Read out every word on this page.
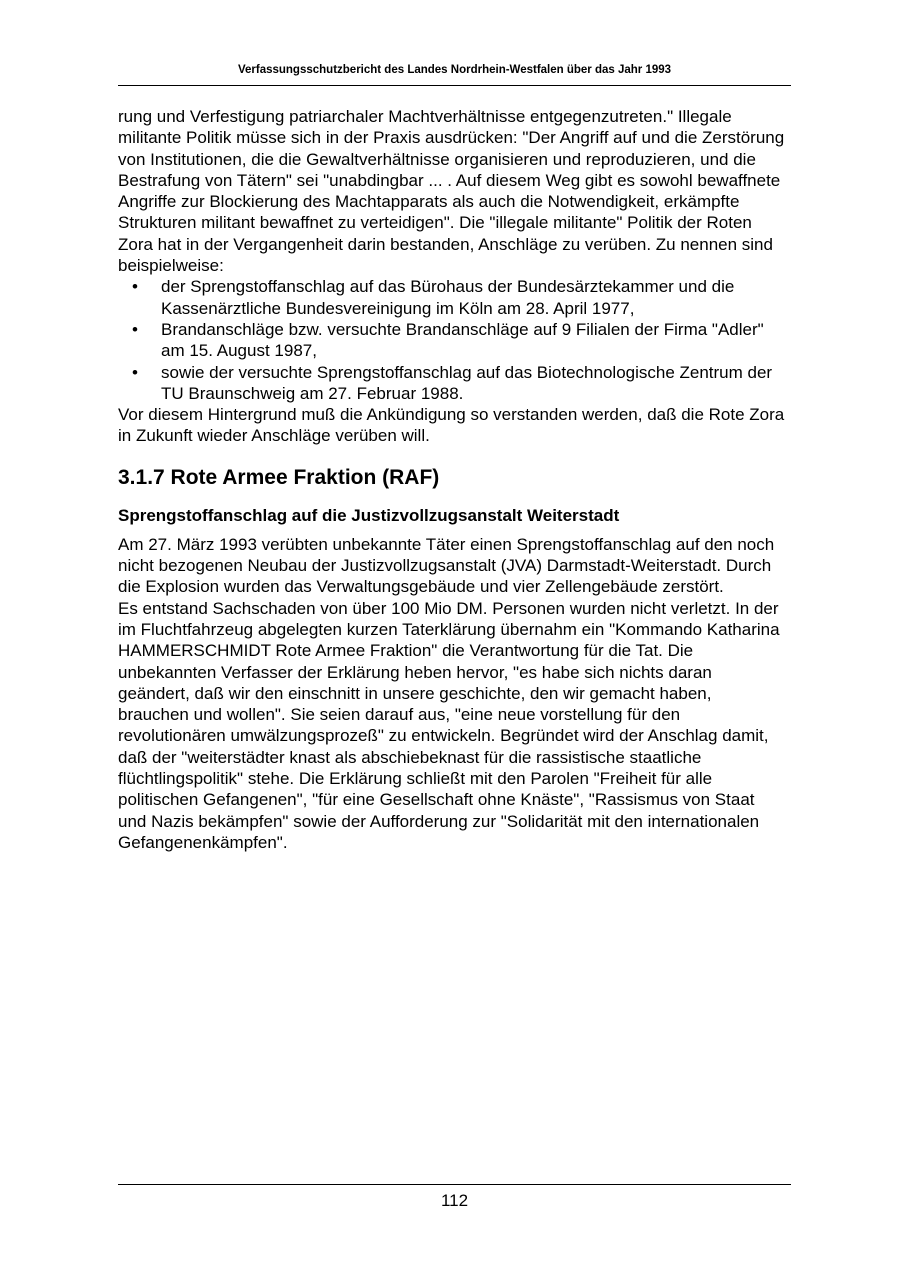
Verfassungsschutzbericht des Landes Nordrhein-Westfalen über das Jahr 1993

rung und Verfestigung patriarchaler Machtverhältnisse entgegenzutreten." Illegale militante Politik müsse sich in der Praxis ausdrücken: "Der Angriff auf und die Zerstörung von Institutionen, die die Gewaltverhältnisse organisieren und reproduzieren, und die Bestrafung von Tätern" sei "unabdingbar ... . Auf diesem Weg gibt es sowohl bewaffnete Angriffe zur Blockierung des Machtapparats als auch die Notwendigkeit, erkämpfte Strukturen militant bewaffnet zu verteidigen". Die "illegale militante" Politik der Roten Zora hat in der Vergangenheit darin bestanden, Anschläge zu verüben. Zu nennen sind beispielweise:

• der Sprengstoffanschlag auf das Bürohaus der Bundesärztekammer und die Kassenärztliche Bundesvereinigung im Köln am 28. April 1977,
• Brandanschläge bzw. versuchte Brandanschläge auf 9 Filialen der Firma "Adler" am 15. August 1987,
• sowie der versuchte Sprengstoffanschlag auf das Biotechnologische Zentrum der TU Braunschweig am 27. Februar 1988.

Vor diesem Hintergrund muß die Ankündigung so verstanden werden, daß die Rote Zora in Zukunft wieder Anschläge verüben will.

3.1.7 Rote Armee Fraktion (RAF)
Sprengstoffanschlag auf die Justizvollzugsanstalt Weiterstadt

Am 27. März 1993 verübten unbekannte Täter einen Sprengstoffanschlag auf den noch nicht bezogenen Neubau der Justizvollzugsanstalt (JVA) Darmstadt-Weiterstadt. Durch die Explosion wurden das Verwaltungsgebäude und vier Zellengebäude zerstört.

Es entstand Sachschaden von über 100 Mio DM. Personen wurden nicht verletzt. In der im Fluchtfahrzeug abgelegten kurzen Taterklärung übernahm ein "Kommando Katharina HAMMERSCHMIDT Rote Armee Fraktion" die Verantwortung für die Tat. Die unbekannten Verfasser der Erklärung heben hervor, "es habe sich nichts daran geändert, daß wir den einschnitt in unsere geschichte, den wir gemacht haben, brauchen und wollen". Sie seien darauf aus, "eine neue vorstellung für den revolutionären umwälzungsprozeß" zu entwickeln. Begründet wird der Anschlag damit, daß der "weiterstädter knast als abschiebeknast für die rassistische staatliche flüchtlingspolitik" stehe. Die Erklärung schließt mit den Parolen "Freiheit für alle politischen Gefangenen", "für eine Gesellschaft ohne Knäste", "Rassismus von Staat und Nazis bekämpfen" sowie der Aufforderung zur "Solidarität mit den internationalen Gefangenenkämpfen".

112
